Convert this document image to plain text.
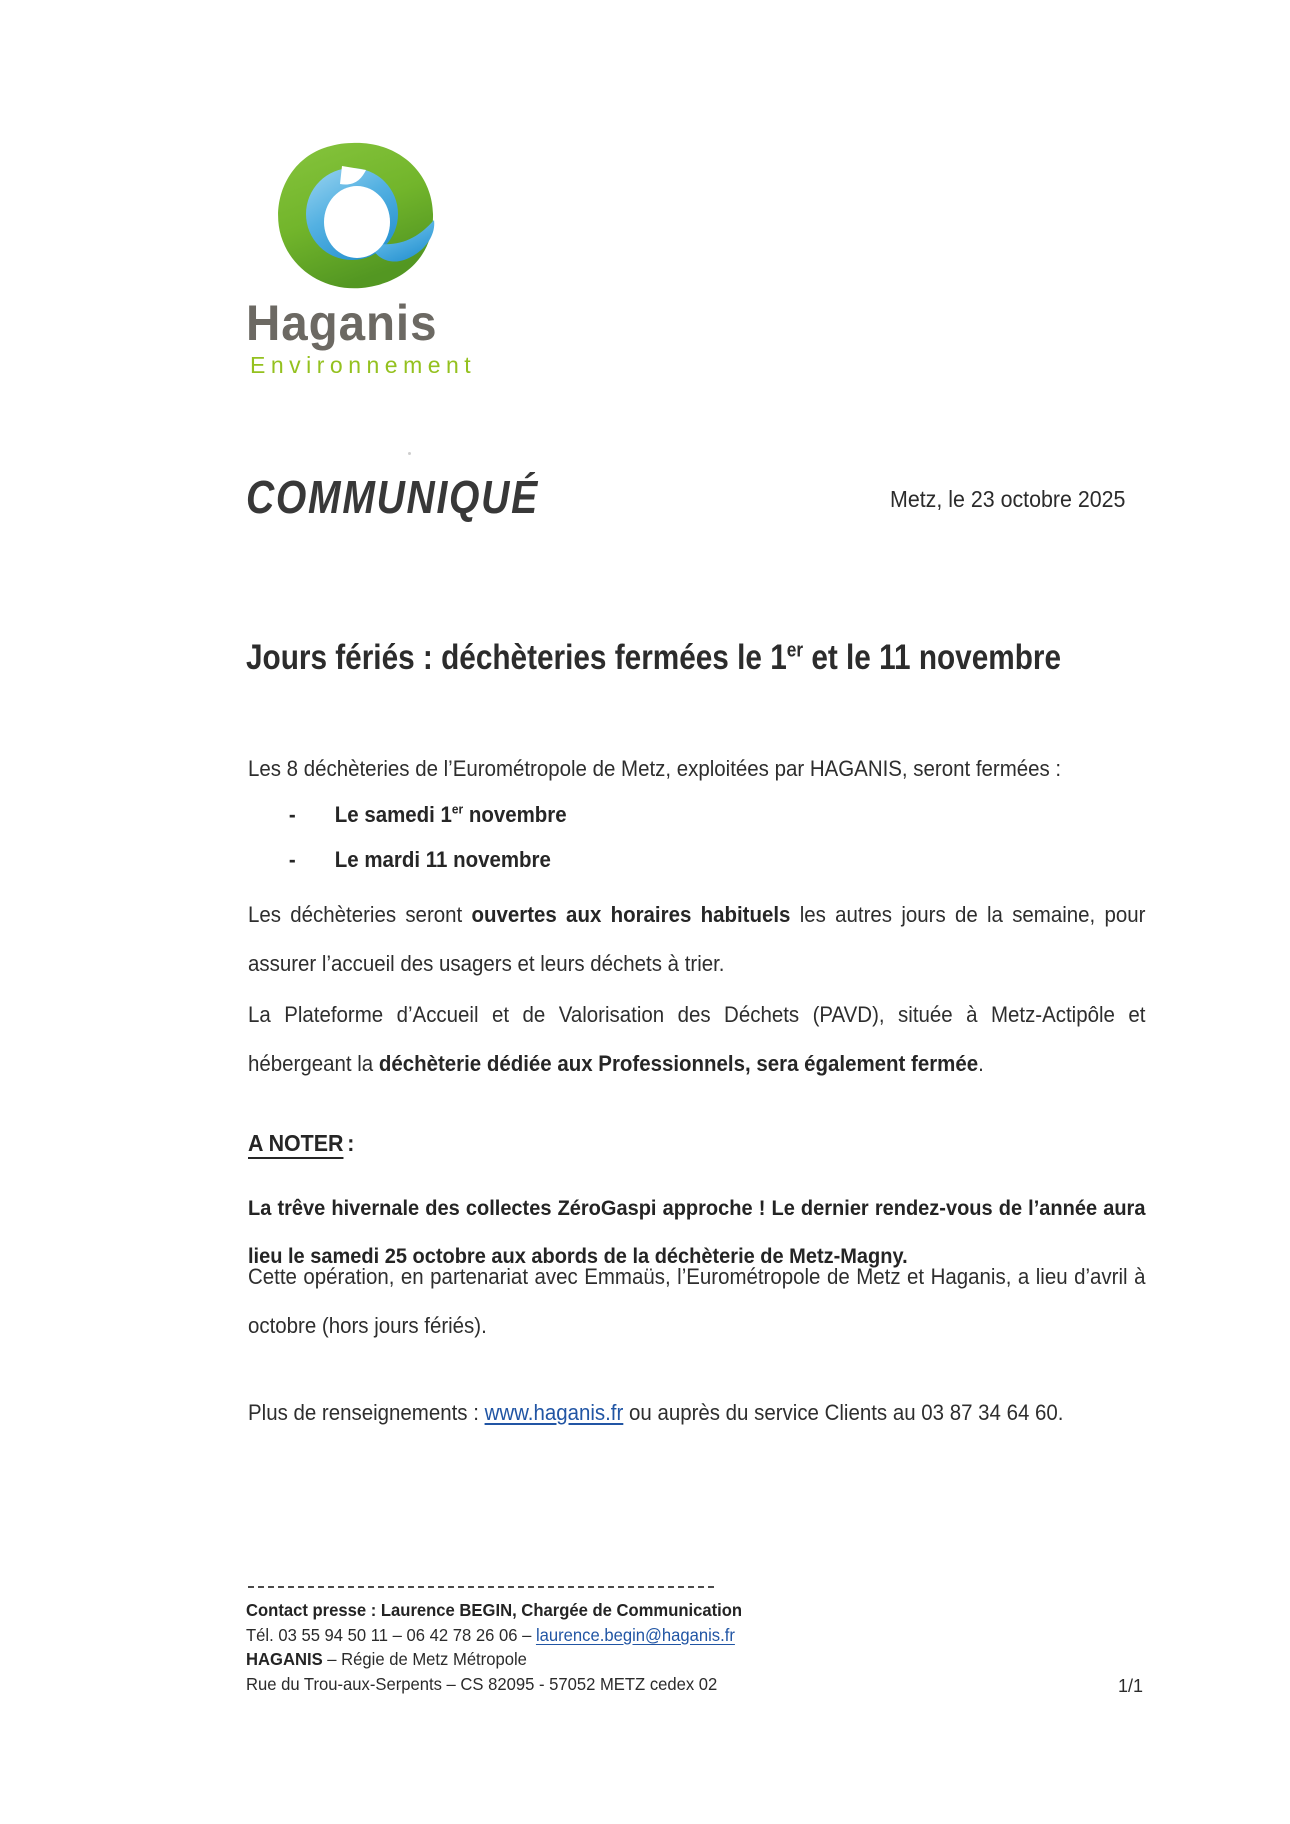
Haganis
Environnement
COMMUNIQUÉ	Metz, le 23 octobre 2025
Jours fériés : déchèteries fermées le 1er et le 11 novembre
Les 8 déchèteries de l’Eurométropole de Metz, exploitées par HAGANIS, seront fermées :
- Le samedi 1er novembre
- Le mardi 11 novembre
Les déchèteries seront ouvertes aux horaires habituels les autres jours de la semaine, pour assurer l’accueil des usagers et leurs déchets à trier.
La Plateforme d’Accueil et de Valorisation des Déchets (PAVD), située à Metz-Actipôle et hébergeant la déchèterie dédiée aux Professionnels, sera également fermée.
A NOTER :
La trêve hivernale des collectes ZéroGaspi approche ! Le dernier rendez-vous de l’année aura lieu le samedi 25 octobre aux abords de la déchèterie de Metz-Magny.
Cette opération, en partenariat avec Emmaüs, l’Eurométropole de Metz et Haganis, a lieu d’avril à octobre (hors jours fériés).
Plus de renseignements : www.haganis.fr ou auprès du service Clients au 03 87 34 64 60.
Contact presse : Laurence BEGIN, Chargée de Communication
Tél. 03 55 94 50 11 – 06 42 78 26 06 – laurence.begin@haganis.fr
HAGANIS – Régie de Metz Métropole
Rue du Trou-aux-Serpents – CS 82095 - 57052 METZ cedex 02	1/1
